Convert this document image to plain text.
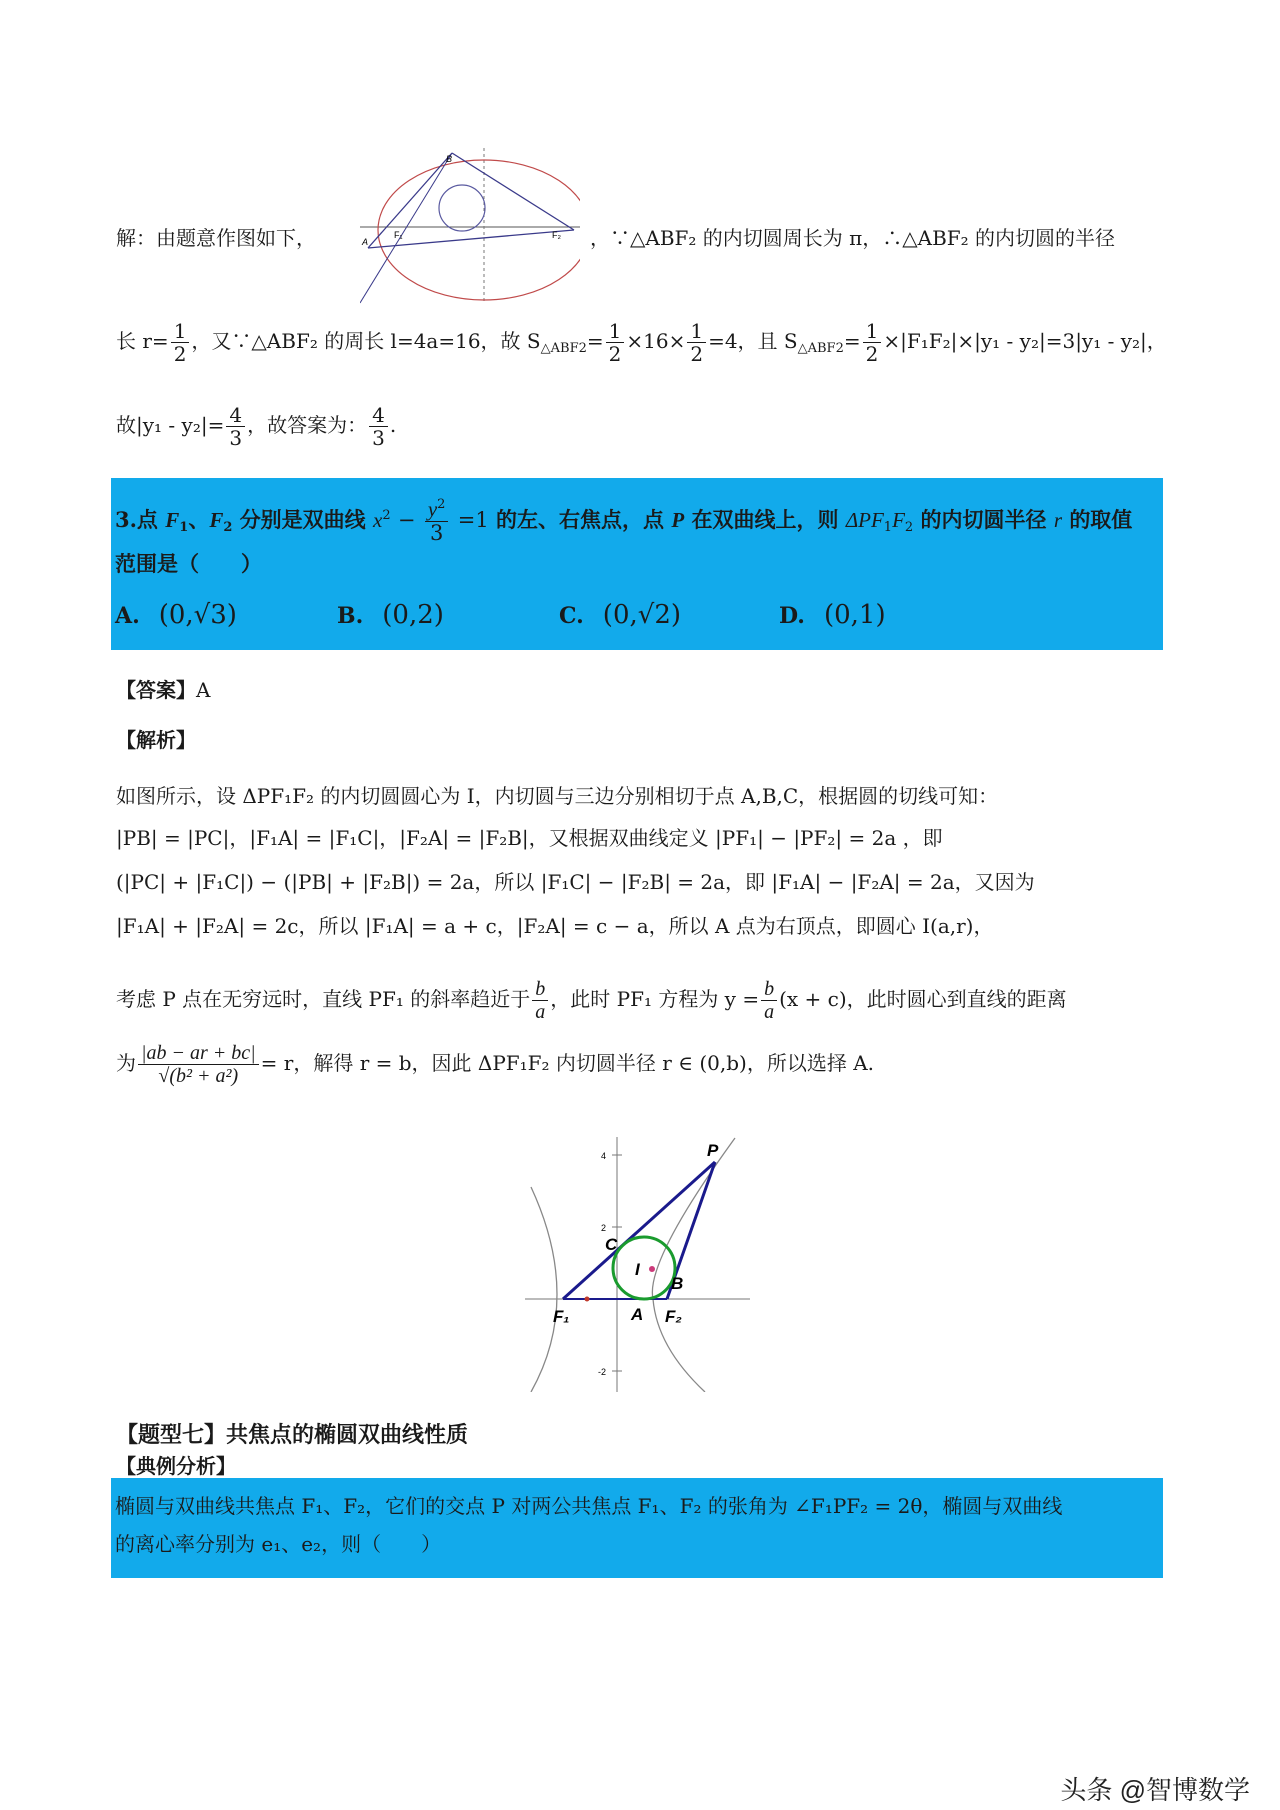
B
A
F₁	F₂
解：由题意作图如下，	，∵△ABF₂ 的内切圆周长为 π，∴△ABF₂ 的内切圆的半径
长 $r= \frac{1}{2}$ ，又∵△ABF₂ 的周长 l=4a=16，故 $S_{\triangle ABF2}= \frac{1}{2} \times 16\times \frac{1}{2} =4$，且 $S_{\triangle ABF2}= \frac{1}{2} \times|F_1F_2|\times|y_1 - y_2|=3|y_1 - y_2|$，
故$|y_1 - y_2|= \frac{4}{3}$ ，故答案为： $\frac{4}{3}$ .
3.点 $F_1$、$F_2$ 分别是双曲线 $x^2 - \frac{y^2}{3} =1$ 的左、右焦点，点 P 在双曲线上，则 $\Delta PF_1F_2$ 的内切圆半径 r 的取值
范围是（　　）
A. (0,√3)	B. (0,2)	C. (0,√2)	D. (0,1)
【答案】A
【解析】
如图所示，设 ΔPF₁F₂ 的内切圆圆心为 I，内切圆与三边分别相切于点 A,B,C，根据圆的切线可知：
|PB| = |PC|，|F₁A| = |F₁C|，|F₂A| = |F₂B|，又根据双曲线定义 |PF₁| − |PF₂| = 2a ，即
(|PC| + |F₁C|) − (|PB| + |F₂B|) = 2a，所以 |F₁C| − |F₂B| = 2a，即 |F₁A| − |F₂A| = 2a，又因为
|F₁A| + |F₂A| = 2c，所以 |F₁A| = a + c，|F₂A| = c − a，所以 A 点为右顶点，即圆心 I(a,r)，
考虑 P 点在无穷远时，直线 PF₁ 的斜率趋近于 $\frac{b}{a}$ ，此时 PF₁ 方程为 $y = \frac{b}{a} (x + c)$，此时圆心到直线的距离
为 $\frac{|ab - ar + bc|}{\text{√(b² + a²)}} = r$，解得 r = b，因此 ΔPF₁F₂ 内切圆半径 r ∈ (0,b)，所以选择 A.
4
2
-2
P
C
I
B
F₁	A F₂
【题型七】共焦点的椭圆双曲线性质
【典例分析】
椭圆与双曲线共焦点 F₁、F₂，它们的交点 P 对两公共焦点 F₁、F₂ 的张角为 ∠F₁PF₂ = 2θ，椭圆与双曲线
的离心率分别为 e₁、e₂，则（　　）
头条 @智博数学
